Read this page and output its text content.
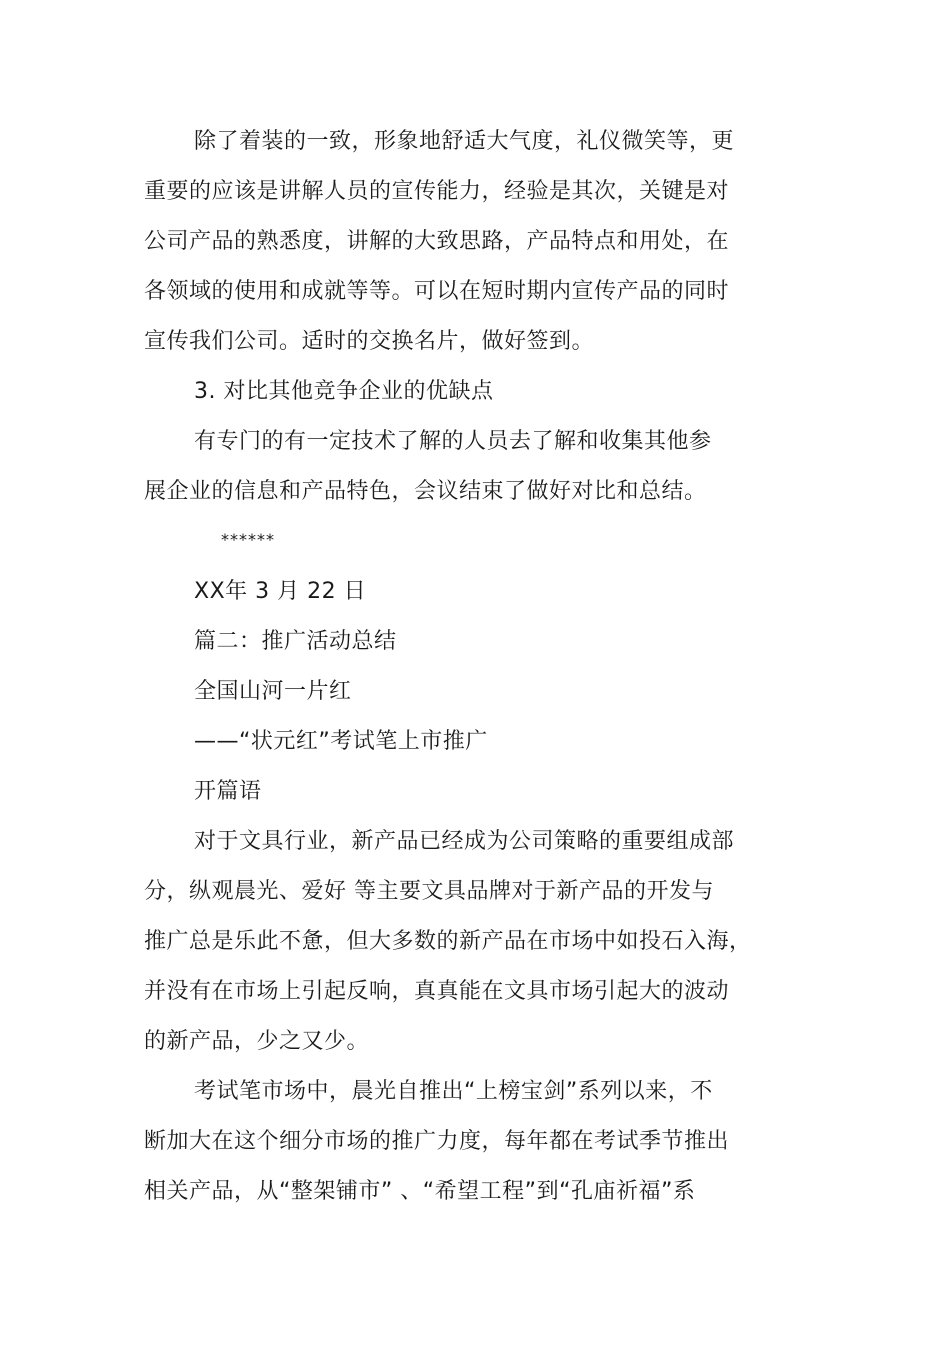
除了着装的一致，形象地舒适大气度，礼仪微笑等，更
重要的应该是讲解人员的宣传能力，经验是其次，关键是对
公司产品的熟悉度，讲解的大致思路，产品特点和用处，在
各领域的使用和成就等等。可以在短时期内宣传产品的同时
宣传我们公司。适时的交换名片，做好签到。
3. 对比其他竞争企业的优缺点
有专门的有一定技术了解的人员去了解和收集其他参
展企业的信息和产品特色，会议结束了做好对比和总结。
******
XX年 3 月 22 日
篇二：推广活动总结
全国山河一片红
——“状元红”考试笔上市推广
开篇语
对于文具行业，新产品已经成为公司策略的重要组成部
分，纵观晨光、爱好 等主要文具品牌对于新产品的开发与
推广总是乐此不惫，但大多数的新产品在市场中如投石入海，
并没有在市场上引起反响，真真能在文具市场引起大的波动
的新产品，少之又少。
考试笔市场中，晨光自推出“上榜宝剑”系列以来，不
断加大在这个细分市场的推广力度，每年都在考试季节推出
相关产品，从“整架铺市” 、“希望工程”到“孔庙祈福”系
